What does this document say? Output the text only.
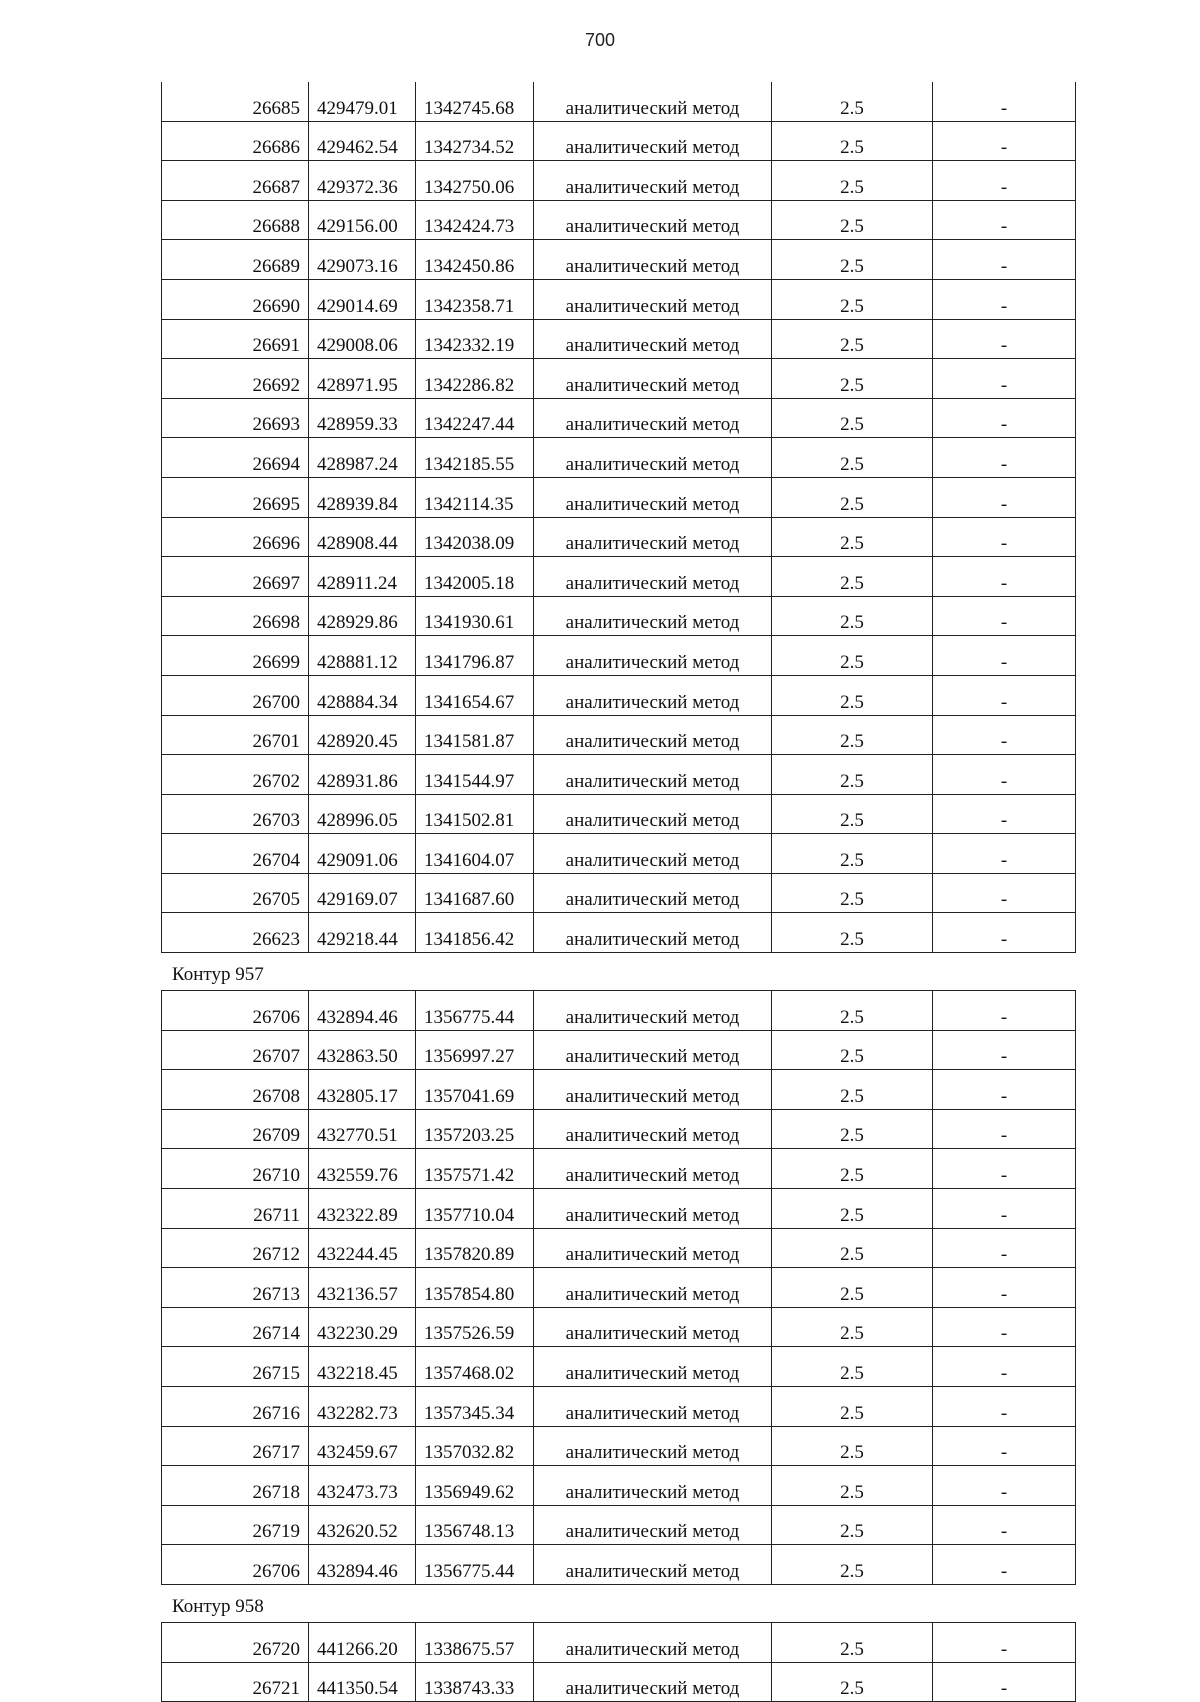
700
26685	429479.01	1342745.68	аналитический метод	2.5	-
26686	429462.54	1342734.52	аналитический метод	2.5	-
26687	429372.36	1342750.06	аналитический метод	2.5	-
26688	429156.00	1342424.73	аналитический метод	2.5	-
26689	429073.16	1342450.86	аналитический метод	2.5	-
26690	429014.69	1342358.71	аналитический метод	2.5	-
26691	429008.06	1342332.19	аналитический метод	2.5	-
26692	428971.95	1342286.82	аналитический метод	2.5	-
26693	428959.33	1342247.44	аналитический метод	2.5	-
26694	428987.24	1342185.55	аналитический метод	2.5	-
26695	428939.84	1342114.35	аналитический метод	2.5	-
26696	428908.44	1342038.09	аналитический метод	2.5	-
26697	428911.24	1342005.18	аналитический метод	2.5	-
26698	428929.86	1341930.61	аналитический метод	2.5	-
26699	428881.12	1341796.87	аналитический метод	2.5	-
26700	428884.34	1341654.67	аналитический метод	2.5	-
26701	428920.45	1341581.87	аналитический метод	2.5	-
26702	428931.86	1341544.97	аналитический метод	2.5	-
26703	428996.05	1341502.81	аналитический метод	2.5	-
26704	429091.06	1341604.07	аналитический метод	2.5	-
26705	429169.07	1341687.60	аналитический метод	2.5	-
26623	429218.44	1341856.42	аналитический метод	2.5	-
Контур 957
26706	432894.46	1356775.44	аналитический метод	2.5	-
26707	432863.50	1356997.27	аналитический метод	2.5	-
26708	432805.17	1357041.69	аналитический метод	2.5	-
26709	432770.51	1357203.25	аналитический метод	2.5	-
26710	432559.76	1357571.42	аналитический метод	2.5	-
26711	432322.89	1357710.04	аналитический метод	2.5	-
26712	432244.45	1357820.89	аналитический метод	2.5	-
26713	432136.57	1357854.80	аналитический метод	2.5	-
26714	432230.29	1357526.59	аналитический метод	2.5	-
26715	432218.45	1357468.02	аналитический метод	2.5	-
26716	432282.73	1357345.34	аналитический метод	2.5	-
26717	432459.67	1357032.82	аналитический метод	2.5	-
26718	432473.73	1356949.62	аналитический метод	2.5	-
26719	432620.52	1356748.13	аналитический метод	2.5	-
26706	432894.46	1356775.44	аналитический метод	2.5	-
Контур 958
26720	441266.20	1338675.57	аналитический метод	2.5	-
26721	441350.54	1338743.33	аналитический метод	2.5	-
